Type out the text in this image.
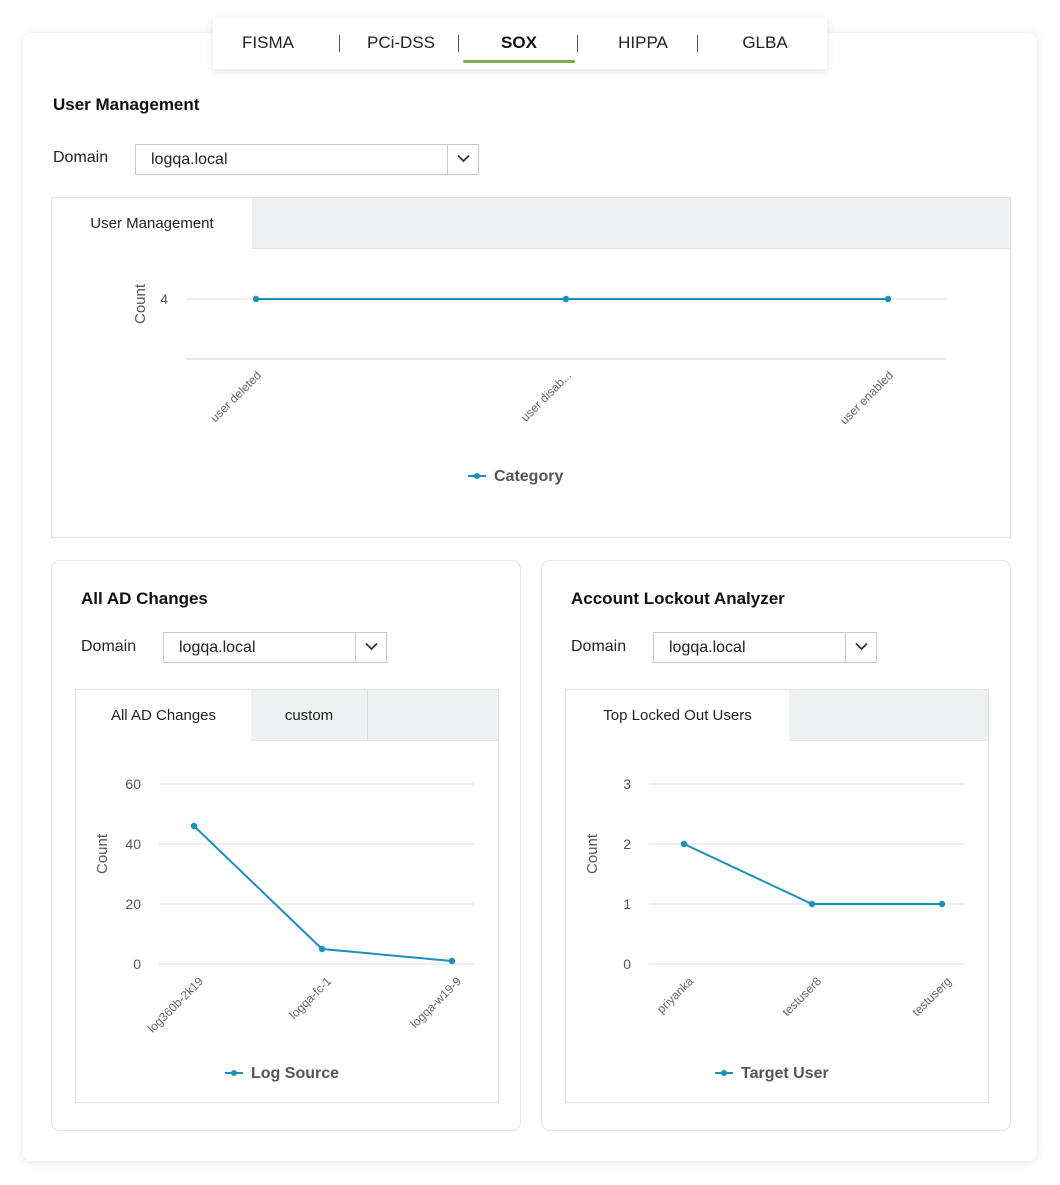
FISMA	PCi-DSS	SOX	HIPPA	GLBA
User Management
Domain	logqa.local
User Management
4
Count
user deleted	user disab...	user enabled
Category
All AD Changes
Domain	logqa.local
All AD Changes	custom
0
20
40
60
Count
log360b-2k19	logqa-fc-1	logqa-w19-9
Log Source
Account Lockout Analyzer
Domain	logqa.local
Top Locked Out Users
0
1
2
3
Count
priyanka	testuser8	testuserg
Target User
